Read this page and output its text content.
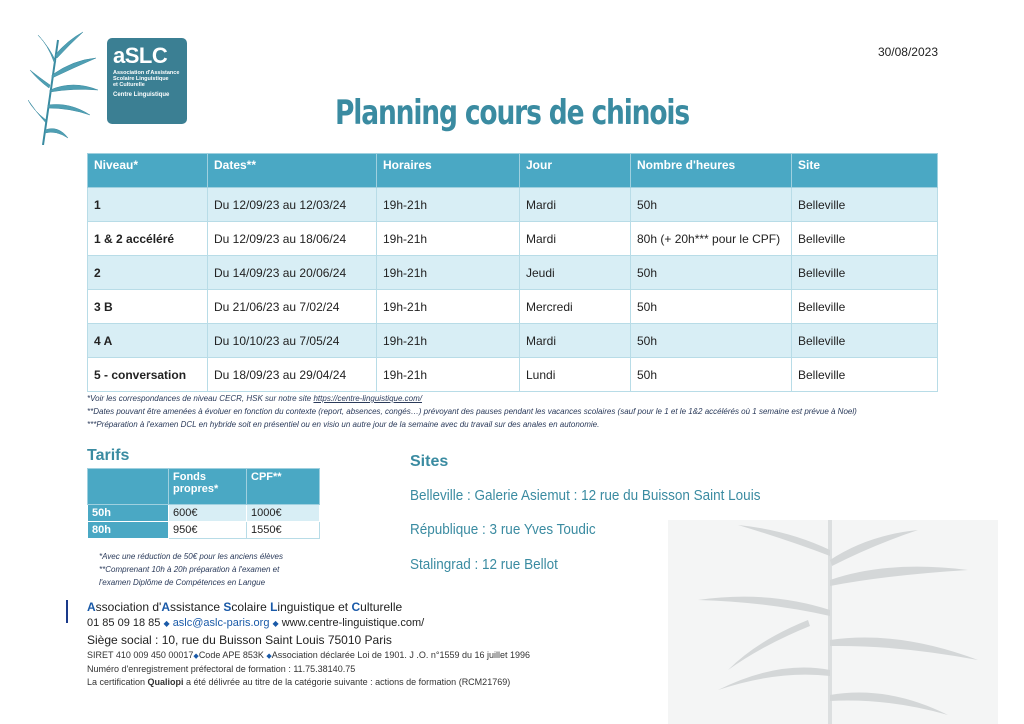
aSLC
Association d'Assistance
Scolaire Linguistique
et Culturelle
Centre Linguistique
30/08/2023
Planning cours de chinois
Niveau*	Dates**	Horaires	Jour	Nombre d'heures	Site
1	Du 12/09/23 au 12/03/24	19h-21h	Mardi	50h	Belleville
1 & 2 accéléré	Du 12/09/23 au 18/06/24	19h-21h	Mardi	80h (+ 20h*** pour le CPF)	Belleville
2	Du 14/09/23 au 20/06/24	19h-21h	Jeudi	50h	Belleville
3 B	Du 21/06/23 au 7/02/24	19h-21h	Mercredi	50h	Belleville
4 A	Du 10/10/23 au 7/05/24	19h-21h	Mardi	50h	Belleville
5 - conversation	Du 18/09/23 au 29/04/24	19h-21h	Lundi	50h	Belleville
*Voir les correspondances de niveau CECR, HSK sur notre site https://centre-linguistique.com/
**Dates pouvant être amenées à évoluer en fonction du contexte (report, absences, congés…) prévoyant des pauses pendant les vacances scolaires (sauf pour le 1 et le 1&2 accélérés où 1 semaine est prévue à Noel)
***Préparation à l'examen DCL en hybride soit en présentiel ou en visio un autre jour de la semaine avec du travail sur des anales en autonomie.
Tarifs
	Fonds propres*	CPF**
50h	600€	1000€
80h	950€	1550€
*Avec une réduction de 50€ pour les anciens élèves
**Comprenant 10h à 20h préparation à l'examen et
l'examen Diplôme de Compétences en Langue
Sites
Belleville : Galerie Asiemut : 12 rue du Buisson Saint Louis
République : 3 rue Yves Toudic
Stalingrad : 12 rue Bellot
Association d'Assistance Scolaire Linguistique et Culturelle
01 85 09 18 85 ◆ aslc@aslc-paris.org ◆ www.centre-linguistique.com/
Siège social : 10, rue du Buisson Saint Louis 75010 Paris
SIRET 410 009 450 00017◆Code APE 853K ◆Association déclarée Loi de 1901. J .O. n°1559 du 16 juillet 1996
Numéro d'enregistrement préfectoral de formation : 11.75.38140.75
La certification Qualiopi a été délivrée au titre de la catégorie suivante : actions de formation (RCM21769)
